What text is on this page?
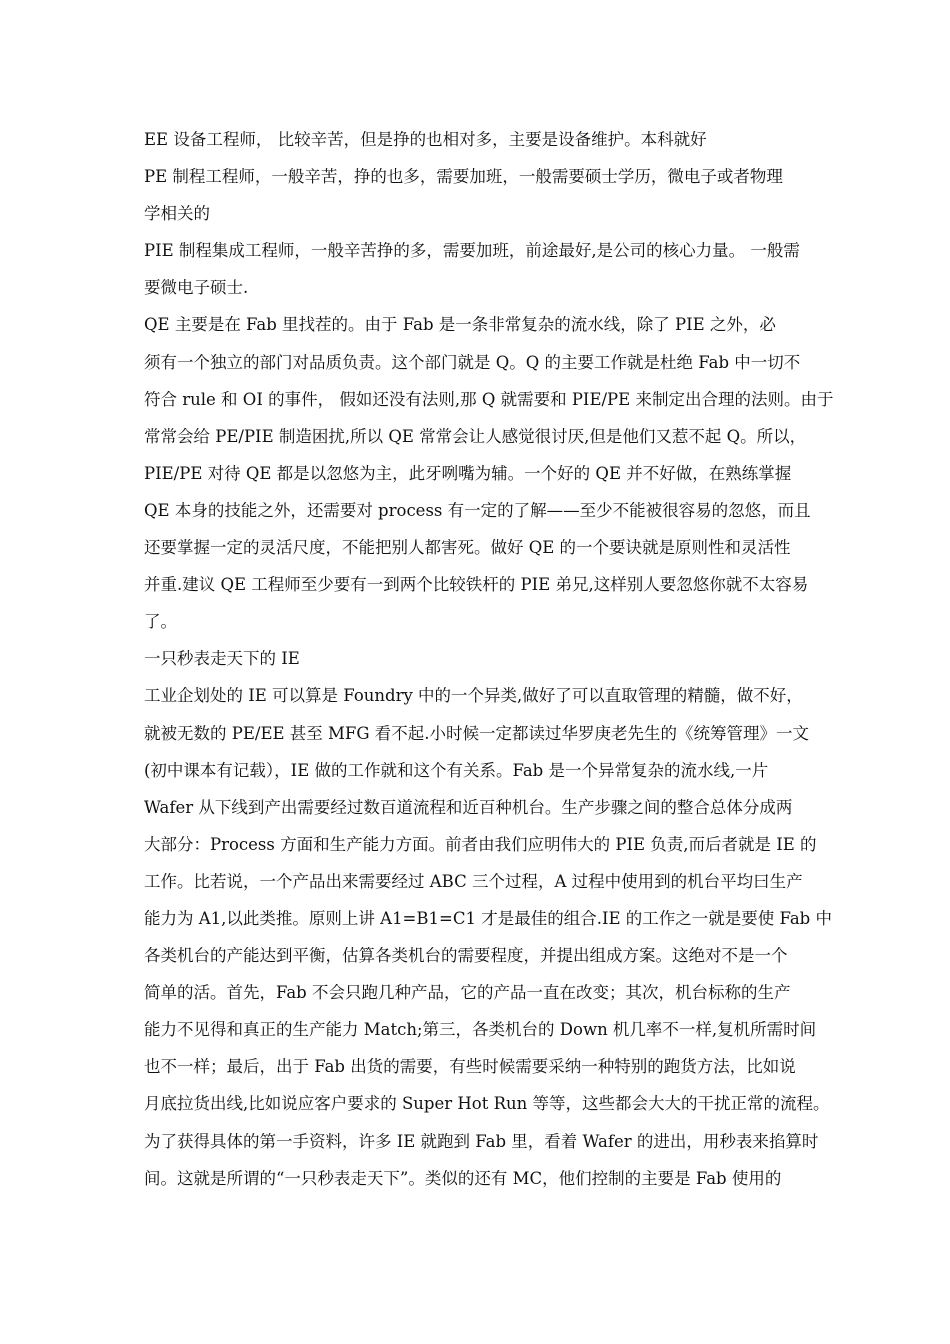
EE 设备工程师， 比较辛苦，但是挣的也相对多，主要是设备维护。本科就好
PE 制程工程师，一般辛苦，挣的也多，需要加班，一般需要硕士学历，微电子或者物理
学相关的
PIE 制程集成工程师，一般辛苦挣的多，需要加班，前途最好,是公司的核心力量。 一般需
要微电子硕士.
QE 主要是在 Fab 里找茬的。由于 Fab 是一条非常复杂的流水线，除了 PIE 之外，必
须有一个独立的部门对品质负责。这个部门就是 Q。Q 的主要工作就是杜绝 Fab 中一切不
符合 rule 和 OI 的事件， 假如还没有法则,那 Q 就需要和 PIE/PE 来制定出合理的法则。由于
常常会给 PE/PIE 制造困扰,所以 QE 常常会让人感觉很讨厌,但是他们又惹不起 Q。所以，
PIE/PE 对待 QE 都是以忽悠为主，此牙咧嘴为辅。一个好的 QE 并不好做，在熟练掌握
QE 本身的技能之外，还需要对 process 有一定的了解——至少不能被很容易的忽悠，而且
还要掌握一定的灵活尺度，不能把别人都害死。做好 QE 的一个要诀就是原则性和灵活性
并重.建议 QE 工程师至少要有一到两个比较铁杆的 PIE 弟兄,这样别人要忽悠你就不太容易
了。
一只秒表走天下的 IE
工业企划处的 IE 可以算是 Foundry 中的一个异类,做好了可以直取管理的精髓，做不好，
就被无数的 PE/EE 甚至 MFG 看不起.小时候一定都读过华罗庚老先生的《统筹管理》一文
(初中课本有记载），IE 做的工作就和这个有关系。Fab 是一个异常复杂的流水线,一片
Wafer 从下线到产出需要经过数百道流程和近百种机台。生产步骤之间的整合总体分成两
大部分：Process 方面和生产能力方面。前者由我们应明伟大的 PIE 负责,而后者就是 IE 的
工作。比若说，一个产品出来需要经过 ABC 三个过程，A 过程中使用到的机台平均曰生产
能力为 A1,以此类推。原则上讲 A1=B1=C1 才是最佳的组合.IE 的工作之一就是要使 Fab 中
各类机台的产能达到平衡，估算各类机台的需要程度，并提出组成方案。这绝对不是一个
简单的活。首先，Fab 不会只跑几种产品，它的产品一直在改变；其次，机台标称的生产
能力不见得和真正的生产能力 Match;第三，各类机台的 Down 机几率不一样,复机所需时间
也不一样；最后，出于 Fab 出货的需要，有些时候需要采纳一种特别的跑货方法，比如说
月底拉货出线,比如说应客户要求的 Super Hot Run 等等，这些都会大大的干扰正常的流程。
为了获得具体的第一手资料，许多 IE 就跑到 Fab 里，看着 Wafer 的进出，用秒表来掐算时
间。这就是所谓的“一只秒表走天下”。类似的还有 MC，他们控制的主要是 Fab 使用的
